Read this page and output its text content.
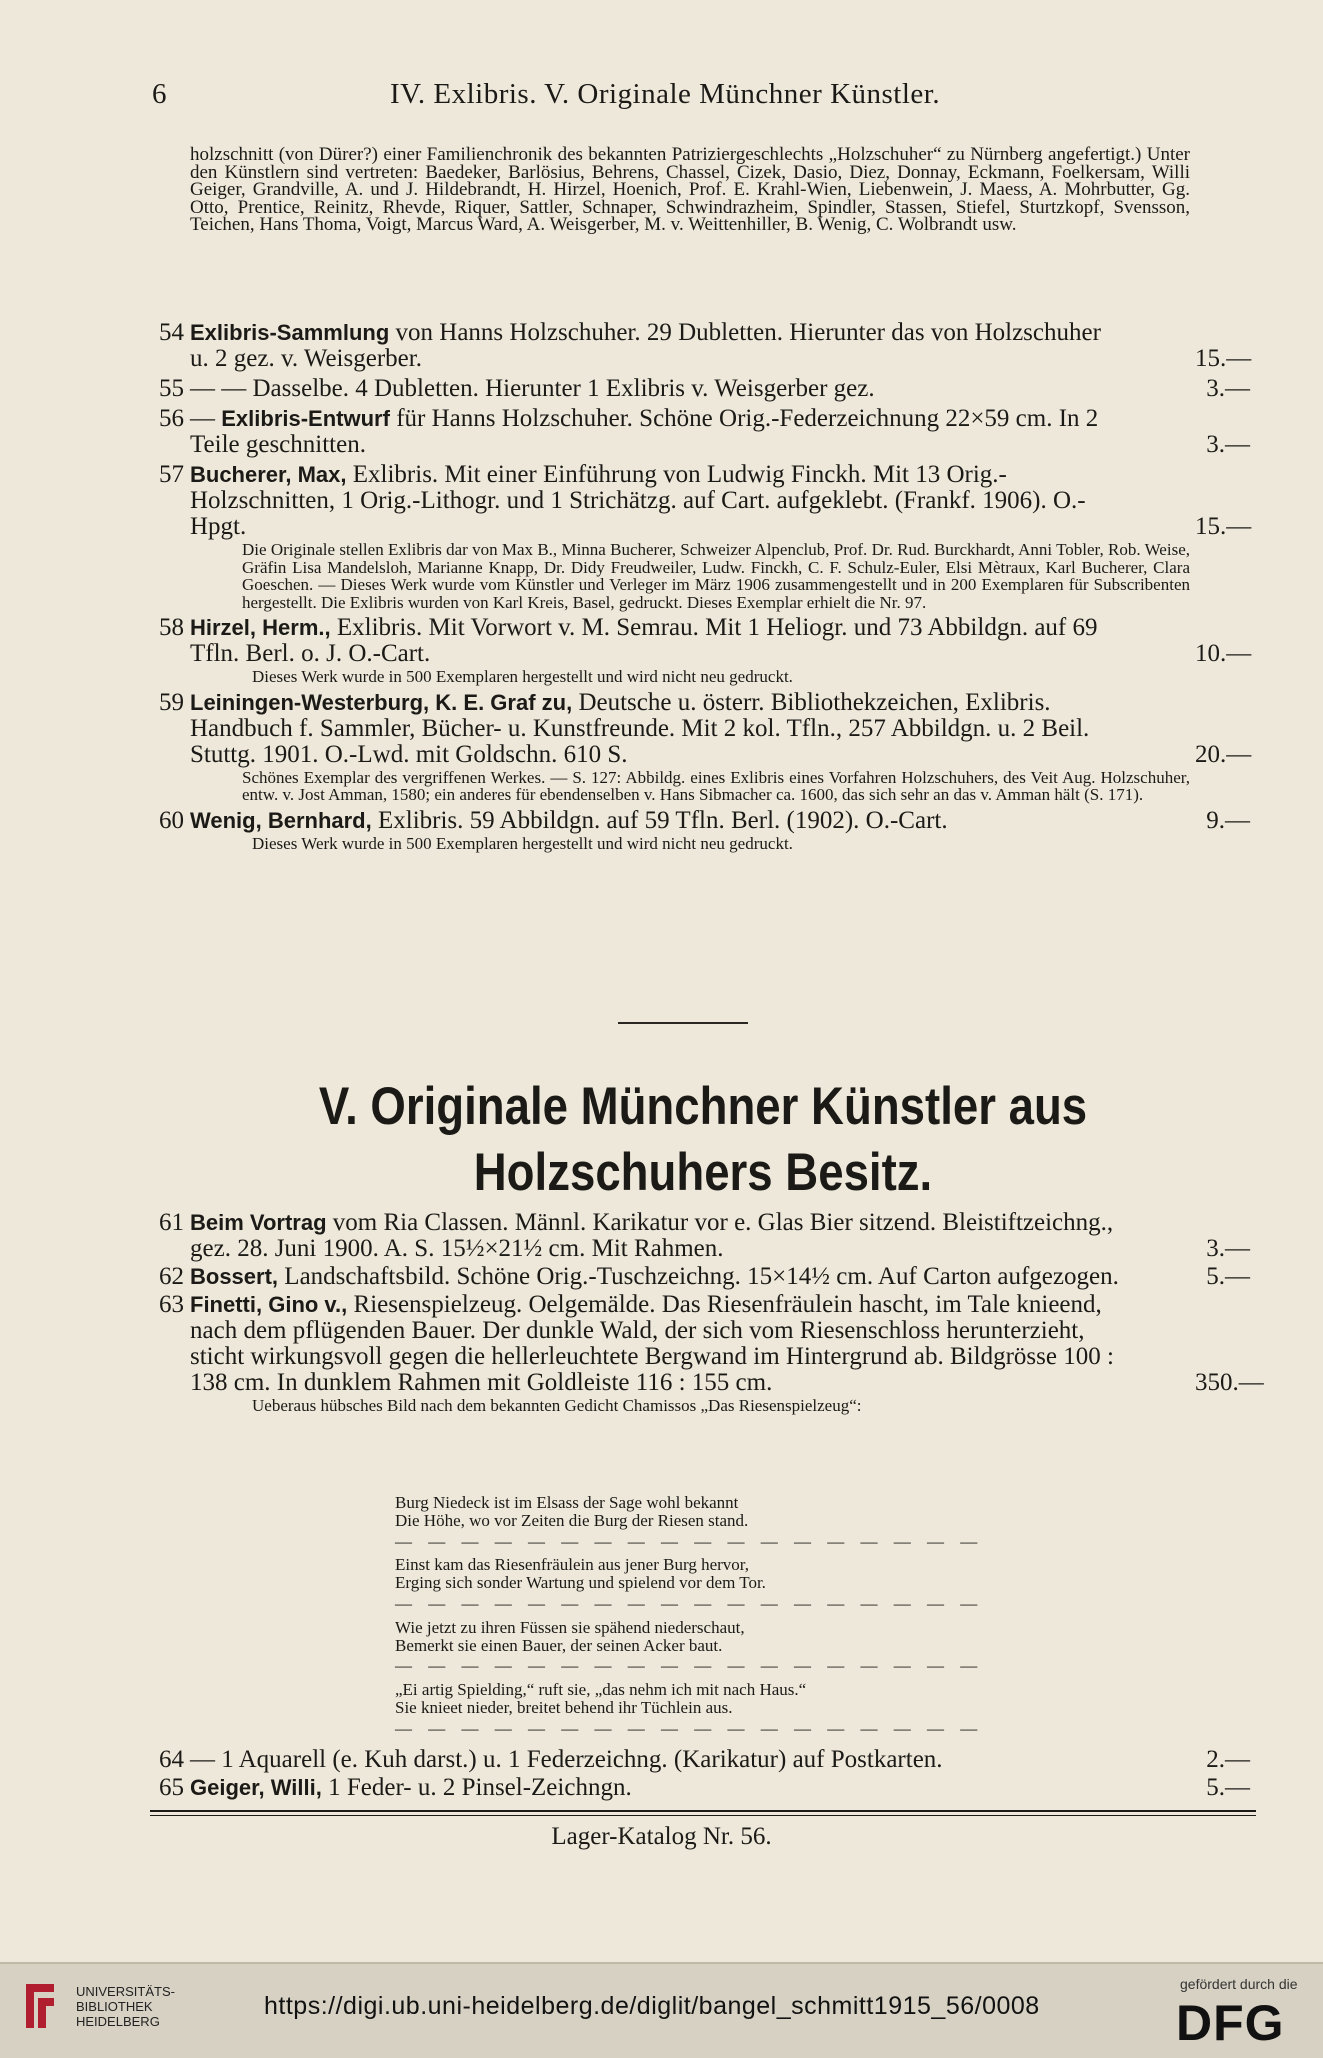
6	IV. Exlibris. V. Originale Münchner Künstler.
holzschnitt (von Dürer?) einer Familienchronik des bekannten Patriziergeschlechts „Holzschuher“ zu Nürnberg angefertigt.) Unter den Künstlern sind vertreten: Baedeker, Barlösius, Behrens, Chassel, Cizek, Dasio, Diez, Donnay, Eckmann, Foelkersam, Willi Geiger, Grandville, A. und J. Hildebrandt, H. Hirzel, Hoenich, Prof. E. Krahl-Wien, Liebenwein, J. Maess, A. Mohrbutter, Gg. Otto, Prentice, Reinitz, Rhevde, Riquer, Sattler, Schnaper, Schwindrazheim, Spindler, Stassen, Stiefel, Sturtzkopf, Svensson, Teichen, Hans Thoma, Voigt, Marcus Ward, A. Weisgerber, M. v. Weittenhiller, B. Wenig, C. Wolbrandt usw.
54 Exlibris-Sammlung von Hanns Holzschuher. 29 Dubletten. Hierunter das von Holzschuher u. 2 gez. v. Weisgerber.	15.—
55 — — Dasselbe. 4 Dubletten. Hierunter 1 Exlibris v. Weisgerber gez.	3.—
56 — Exlibris-Entwurf für Hanns Holzschuher. Schöne Orig.-Federzeichnung 22×59 cm. In 2 Teile geschnitten.	3.—
57 Bucherer, Max, Exlibris. Mit einer Einführung von Ludwig Finckh. Mit 13 Orig.-Holzschnitten, 1 Orig.-Lithogr. und 1 Strichätzg. auf Cart. aufgeklebt. (Frankf. 1906). O.-Hpgt.	15.—
Die Originale stellen Exlibris dar von Max B., Minna Bucherer, Schweizer Alpenclub, Prof. Dr. Rud. Burckhardt, Anni Tobler, Rob. Weise, Gräfin Lisa Mandelsloh, Marianne Knapp, Dr. Didy Freudweiler, Ludw. Finckh, C. F. Schulz-Euler, Elsi Mètraux, Karl Bucherer, Clara Goeschen. — Dieses Werk wurde vom Künstler und Verleger im März 1906 zusammengestellt und in 200 Exemplaren für Subscribenten hergestellt. Die Exlibris wurden von Karl Kreis, Basel, gedruckt. Dieses Exemplar erhielt die Nr. 97.
58 Hirzel, Herm., Exlibris. Mit Vorwort v. M. Semrau. Mit 1 Heliogr. und 73 Abbildgn. auf 69 Tfln. Berl. o. J. O.-Cart.	10.—
Dieses Werk wurde in 500 Exemplaren hergestellt und wird nicht neu gedruckt.
59 Leiningen-Westerburg, K. E. Graf zu, Deutsche u. österr. Bibliothekzeichen, Exlibris. Handbuch f. Sammler, Bücher- u. Kunstfreunde. Mit 2 kol. Tfln., 257 Abbildgn. u. 2 Beil. Stuttg. 1901. O.-Lwd. mit Goldschn. 610 S.	20.—
Schönes Exemplar des vergriffenen Werkes. — S. 127: Abbildg. eines Exlibris eines Vorfahren Holzschuhers, des Veit Aug. Holzschuher, entw. v. Jost Amman, 1580; ein anderes für ebendenselben v. Hans Sibmacher ca. 1600, das sich sehr an das v. Amman hält (S. 171).
60 Wenig, Bernhard, Exlibris. 59 Abbildgn. auf 59 Tfln. Berl. (1902). O.-Cart.	9.—
Dieses Werk wurde in 500 Exemplaren hergestellt und wird nicht neu gedruckt.
V. Originale Münchner Künstler aus
Holzschuhers Besitz.
61 Beim Vortrag vom Ria Classen. Männl. Karikatur vor e. Glas Bier sitzend. Bleistiftzeichng., gez. 28. Juni 1900. A. S. 15½×21½ cm. Mit Rahmen.	3.—
62 Bossert, Landschaftsbild. Schöne Orig.-Tuschzeichng. 15×14½ cm. Auf Carton aufgezogen.	5.—
63 Finetti, Gino v., Riesenspielzeug. Oelgemälde. Das Riesenfräulein hascht, im Tale knieend, nach dem pflügenden Bauer. Der dunkle Wald, der sich vom Riesenschloss herunterzieht, sticht wirkungsvoll gegen die hellerleuchtete Bergwand im Hintergrund ab. Bildgrösse 100 : 138 cm. In dunklem Rahmen mit Goldleiste 116 : 155 cm.	350.—
Ueberaus hübsches Bild nach dem bekannten Gedicht Chamissos „Das Riesenspielzeug“:
Burg Niedeck ist im Elsass der Sage wohl bekannt
Die Höhe, wo vor Zeiten die Burg der Riesen stand.
— — — — — — — — — — — — — — — — — —
Einst kam das Riesenfräulein aus jener Burg hervor,
Erging sich sonder Wartung und spielend vor dem Tor.
— — — — — — — — — — — — — — — — — —
Wie jetzt zu ihren Füssen sie spähend niederschaut,
Bemerkt sie einen Bauer, der seinen Acker baut.
— — — — — — — — — — — — — — — — — —
„Ei artig Spielding,“ ruft sie, „das nehm ich mit nach Haus.“
Sie knieet nieder, breitet behend ihr Tüchlein aus.
— — — — — — — — — — — — — — — — — —
64 — 1 Aquarell (e. Kuh darst.) u. 1 Federzeichng. (Karikatur) auf Postkarten.	2.—
65 Geiger, Willi, 1 Feder- u. 2 Pinsel-Zeichngn.	5.—
Lager-Katalog Nr. 56.
UNIVERSITÄTS-
BIBLIOTHEK
HEIDELBERG
https://digi.ub.uni-heidelberg.de/diglit/bangel_schmitt1915_56/0008
gefördert durch die
DFG
